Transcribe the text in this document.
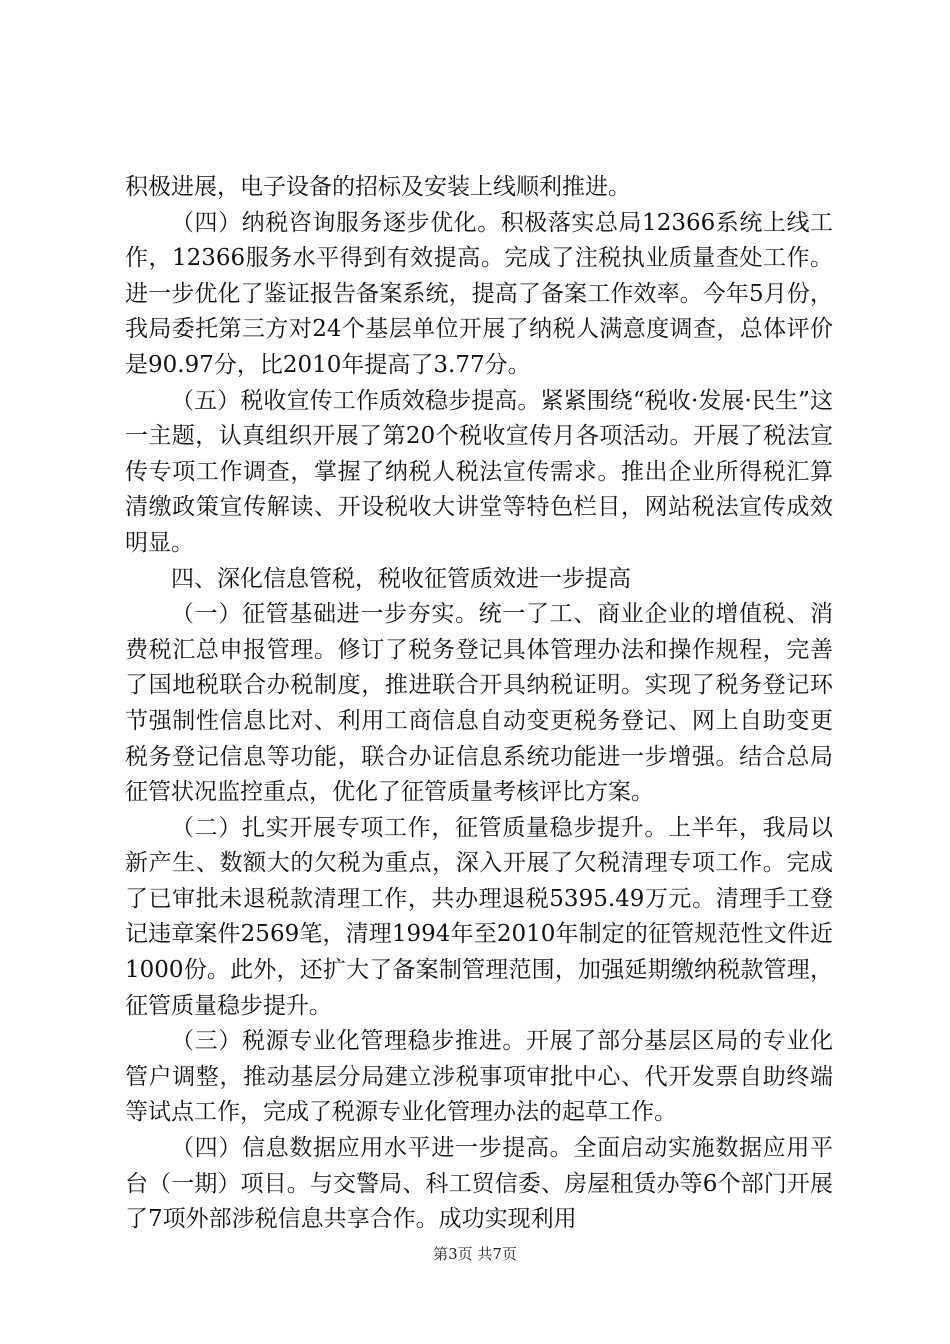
积极进展，电子设备的招标及安装上线顺利推进。

（四）纳税咨询服务逐步优化。积极落实总局12366系统上线工作，12366服务水平得到有效提高。完成了注税执业质量查处工作。进一步优化了鉴证报告备案系统，提高了备案工作效率。今年5月份，我局委托第三方对24个基层单位开展了纳税人满意度调查，总体评价是90.97分，比2010年提高了3.77分。

（五）税收宣传工作质效稳步提高。紧紧围绕“税收·发展·民生”这一主题，认真组织开展了第20个税收宣传月各项活动。开展了税法宣传专项工作调查，掌握了纳税人税法宣传需求。推出企业所得税汇算清缴政策宣传解读、开设税收大讲堂等特色栏目，网站税法宣传成效明显。

四、深化信息管税，税收征管质效进一步提高

（一）征管基础进一步夯实。统一了工、商业企业的增值税、消费税汇总申报管理。修订了税务登记具体管理办法和操作规程，完善了国地税联合办税制度，推进联合开具纳税证明。实现了税务登记环节强制性信息比对、利用工商信息自动变更税务登记、网上自助变更税务登记信息等功能，联合办证信息系统功能进一步增强。结合总局征管状况监控重点，优化了征管质量考核评比方案。

（二）扎实开展专项工作，征管质量稳步提升。上半年，我局以新产生、数额大的欠税为重点，深入开展了欠税清理专项工作。完成了已审批未退税款清理工作，共办理退税5395.49万元。清理手工登记违章案件2569笔，清理1994年至2010年制定的征管规范性文件近1000份。此外，还扩大了备案制管理范围，加强延期缴纳税款管理，征管质量稳步提升。

（三）税源专业化管理稳步推进。开展了部分基层区局的专业化管户调整，推动基层分局建立涉税事项审批中心、代开发票自助终端等试点工作，完成了税源专业化管理办法的起草工作。

（四）信息数据应用水平进一步提高。全面启动实施数据应用平台（一期）项目。与交警局、科工贸信委、房屋租赁办等6个部门开展了7项外部涉税信息共享合作。成功实现利用

第3页 共7页
